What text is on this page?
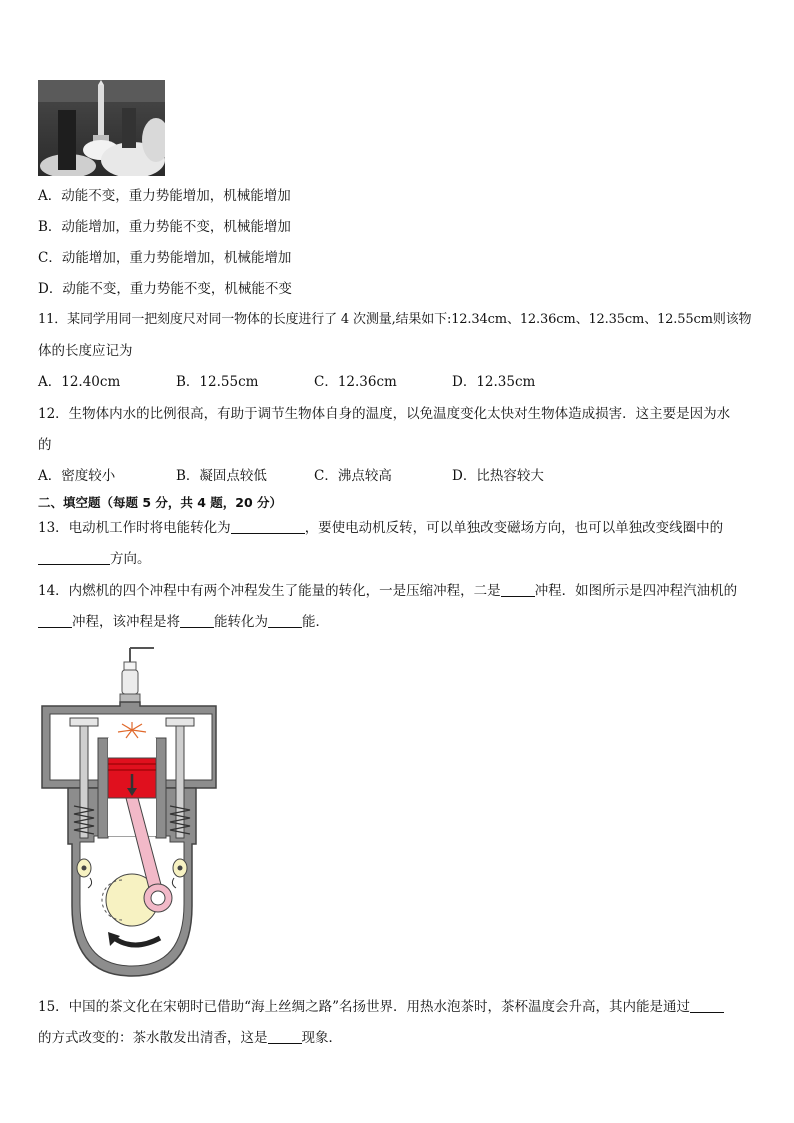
A．动能不变，重力势能增加，机械能增加
B．动能增加，重力势能不变，机械能增加
C．动能增加，重力势能增加，机械能增加
D．动能不变，重力势能不变，机械能不变
11．某同学用同一把刻度尺对同一物体的长度进行了 4 次测量,结果如下:12.34cm、12.36cm、12.35cm、12.55cm则该物
体的长度应记为
A．12.40cm	B．12.55cm	C．12.36cm	D．12.35cm
12．生物体内水的比例很高，有助于调节生物体自身的温度，以免温度变化太快对生物体造成损害．这主要是因为水
的
A．密度较小	B．凝固点较低	C．沸点较高	D．比热容较大
二、填空题（每题 5 分，共 4 题，20 分）
13．电动机工作时将电能转化为	，要使电动机反转，可以单独改变磁场方向，也可以单独改变线圈中的
方向。
14．内燃机的四个冲程中有两个冲程发生了能量的转化，一是压缩冲程，二是	冲程．如图所示是四冲程汽油机的
冲程，该冲程是将	能转化为	能．
15．中国的茶文化在宋朝时已借助“海上丝绸之路”名扬世界．用热水泡茶时，茶杯温度会升高，其内能是通过
的方式改变的：茶水散发出清香，这是	现象．
